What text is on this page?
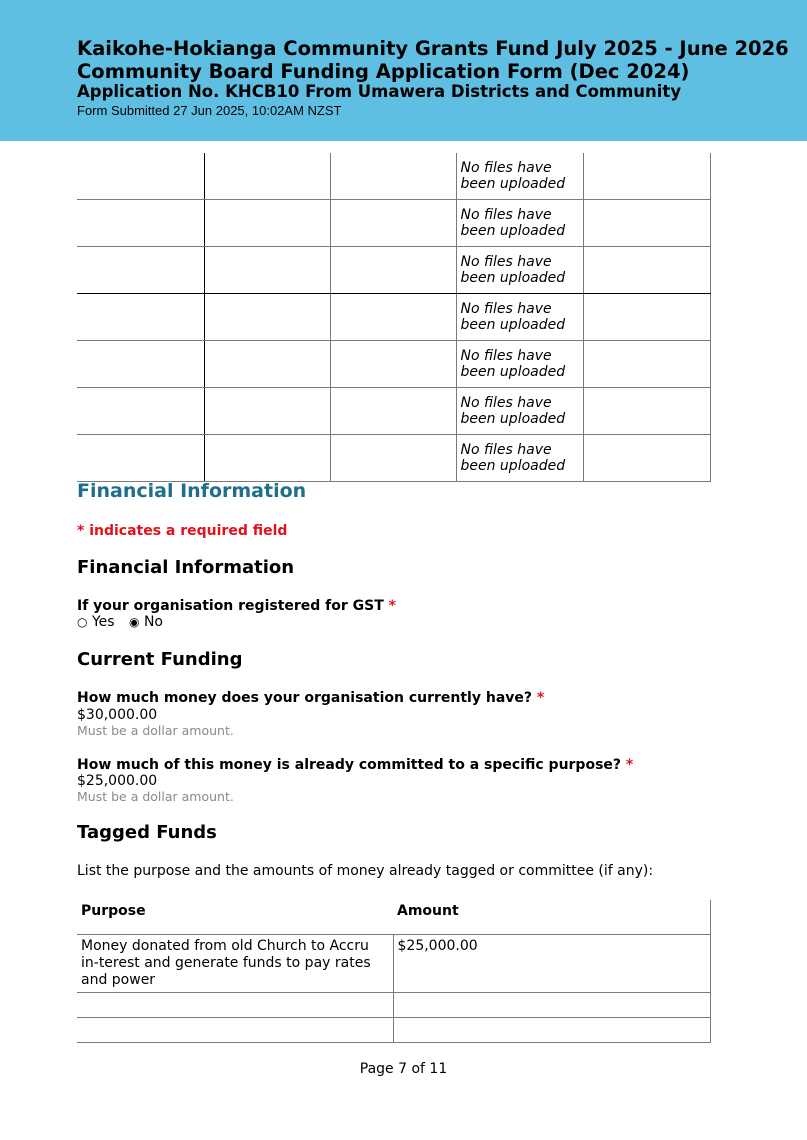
Kaikohe-Hokianga Community Grants Fund July 2025 - June 2026
Community Board Funding Application Form (Dec 2024)
Application No. KHCB10 From Umawera Districts and Community
Form Submitted 27 Jun 2025, 10:02AM NZST
			No files have been uploaded	
			No files have been uploaded	
			No files have been uploaded	
			No files have been uploaded	
			No files have been uploaded	
			No files have been uploaded	
			No files have been uploaded	
Financial Information
* indicates a required field
Financial Information
If your organisation registered for GST *
○ Yes ◉ No
Current Funding
How much money does your organisation currently have? *
$30,000.00
Must be a dollar amount.
How much of this money is already committed to a specific purpose? *
$25,000.00
Must be a dollar amount.
Tagged Funds
List the purpose and the amounts of money already tagged or committee (if any):
Purpose	Amount
Money donated from old Church to Accru in-terest and generate funds to pay rates and power	$25,000.00

Page 7 of 11
